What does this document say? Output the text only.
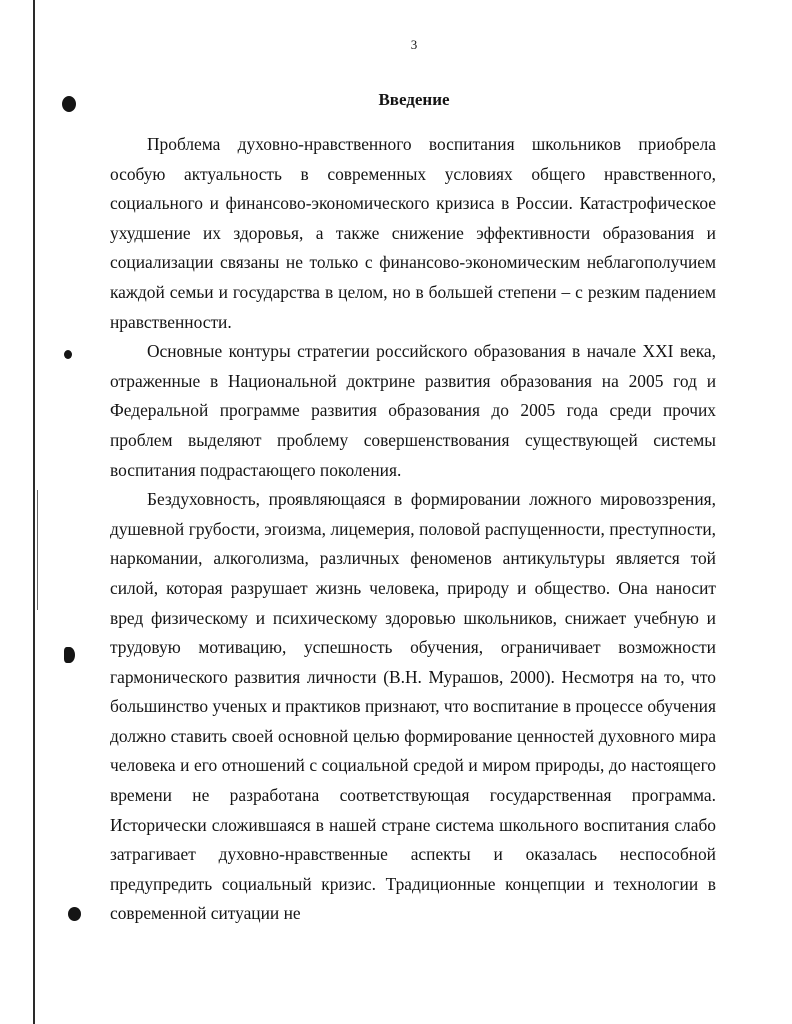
3
Введение

Проблема духовно-нравственного воспитания школьников приобрела особую актуальность в современных условиях общего нравственного, социального и финансово-экономического кризиса в России. Катастрофическое ухудшение их здоровья, а также снижение эффективности образования и социализации связаны не только с финансово-экономическим неблагополучием каждой семьи и государства в целом, но в большей степени – с резким падением нравственности.

Основные контуры стратегии российского образования в начале XXI века, отраженные в Национальной доктрине развития образования на 2005 год и Федеральной программе развития образования до 2005 года среди прочих проблем выделяют проблему совершенствования существующей системы воспитания подрастающего поколения.

Бездуховность, проявляющаяся в формировании ложного мировоззрения, душевной грубости, эгоизма, лицемерия, половой распущенности, преступности, наркомании, алкоголизма, различных феноменов антикультуры является той силой, которая разрушает жизнь человека, природу и общество. Она наносит вред физическому и психическому здоровью школьников, снижает учебную и трудовую мотивацию, успешность обучения, ограничивает возможности гармонического развития личности (В.Н. Мурашов, 2000). Несмотря на то, что большинство ученых и практиков признают, что воспитание в процессе обучения должно ставить своей основной целью формирование ценностей духовного мира человека и его отношений с социальной средой и миром природы, до настоящего времени не разработана соответствующая государственная программа. Исторически сложившаяся в нашей стране система школьного воспитания слабо затрагивает духовно-нравственные аспекты и оказалась неспособной предупредить социальный кризис. Традиционные концепции и технологии в современной ситуации не
